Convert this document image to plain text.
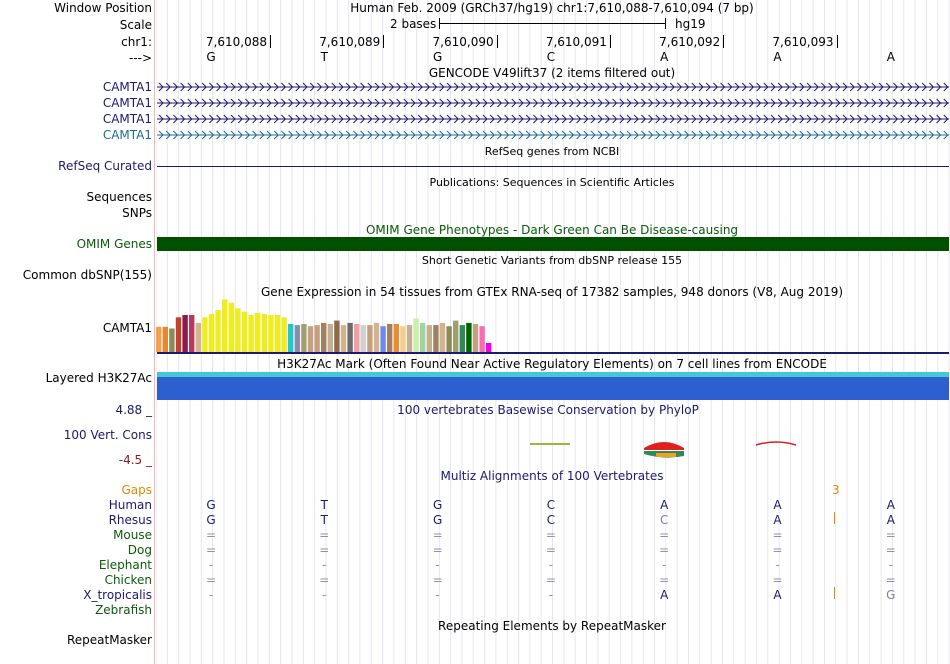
Window Position	Human Feb. 2009 (GRCh37/hg19) chr1:7,610,088-7,610,094 (7 bp)
Scale	2 bases	hg19
chr1:	7,610,088	7,610,089	7,610,090	7,610,091	7,610,092	7,610,093
--->	G	T	G	C	A	A	A
GENCODE V49lift37 (2 items filtered out)
CAMTA1
CAMTA1
CAMTA1
CAMTA1
RefSeq genes from NCBI
RefSeq Curated
Publications: Sequences in Scientific Articles
Sequences
SNPs
OMIM Gene Phenotypes - Dark Green Can Be Disease-causing
OMIM Genes
Short Genetic Variants from dbSNP release 155
Common dbSNP(155)
Gene Expression in 54 tissues from GTEx RNA-seq of 17382 samples, 948 donors (V8, Aug 2019)
CAMTA1
H3K27Ac Mark (Often Found Near Active Regulatory Elements) on 7 cell lines from ENCODE
Layered H3K27Ac
4.88 _	100 vertebrates Basewise Conservation by PhyloP
100 Vert. Cons
-4.5 _
Multiz Alignments of 100 Vertebrates
Gaps	3
Human	G	T	G	C	A	A	A
Rhesus	G	T	G	C	C	A	A
Mouse	=	=	=	=	=	=	=
Dog	=	=	=	=	=	=	=
Elephant	-	-	-	-	-	-	-
Chicken	=	=	=	=	=	=	=
X_tropicalis	-	-	-	-	A	A	G
Zebrafish
Repeating Elements by RepeatMasker
RepeatMasker
